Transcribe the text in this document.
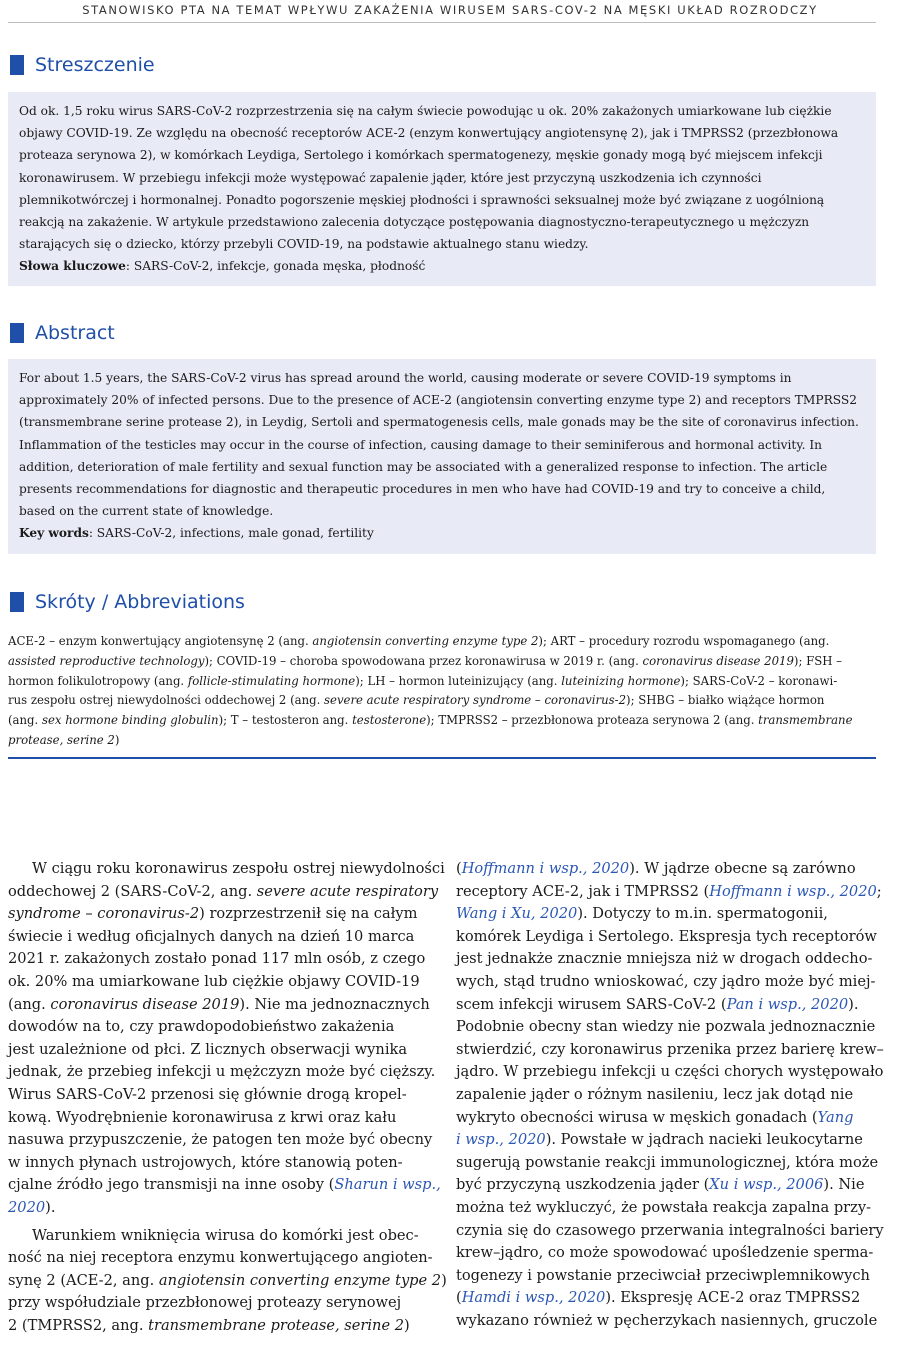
STANOWISKO PTA NA TEMAT WPŁYWU ZAKAŻENIA WIRUSEM SARS-COV-2 NA MĘSKI UKŁAD ROZRODCZY
Streszczenie

Od ok. 1,5 roku wirus SARS-CoV-2 rozprzestrzenia się na całym świecie powodując u ok. 20% zakażonych umiarkowane lub ciężkie objawy COVID-19. Ze względu na obecność receptorów ACE-2 (enzym konwertujący angiotensynę 2), jak i TMPRSS2 (przezbłonowa proteaza serynowa 2), w komórkach Leydiga, Sertolego i komórkach spermatogenezy, męskie gonady mogą być miejscem infekcji koronawirusem. W przebiegu infekcji może występować zapalenie jąder, które jest przyczyną uszkodzenia ich czynności plemnikotwórczej i hormonalnej. Ponadto pogorszenie męskiej płodności i sprawności seksualnej może być związane z uogólnioną reakcją na zakażenie. W artykule przedstawiono zalecenia dotyczące postępowania diagnostyczno-terapeutycznego u mężczyzn starających się o dziecko, którzy przebyli COVID-19, na podstawie aktualnego stanu wiedzy.

Słowa kluczowe: SARS-CoV-2, infekcje, gonada męska, płodność

Abstract

For about 1.5 years, the SARS-CoV-2 virus has spread around the world, causing moderate or severe COVID-19 symptoms in approximately 20% of infected persons. Due to the presence of ACE-2 (angiotensin converting enzyme type 2) and receptors TMPRSS2 (transmembrane serine protease 2), in Leydig, Sertoli and spermatogenesis cells, male gonads may be the site of coronavirus infection. Inflammation of the testicles may occur in the course of infection, causing damage to their seminiferous and hormonal activity. In addition, deterioration of male fertility and sexual function may be associated with a generalized response to infection. The article presents recommendations for diagnostic and therapeutic procedures in men who have had COVID-19 and try to conceive a child, based on the current state of knowledge.

Key words: SARS-CoV-2, infections, male gonad, fertility

Skróty / Abbreviations
ACE-2 – enzym konwertujący angiotensynę 2 (ang. angiotensin converting enzyme type 2); ART – procedury rozrodu wspomaganego (ang.
assisted reproductive technology); COVID-19 – choroba spowodowana przez koronawirusa w 2019 r. (ang. coronavirus disease 2019); FSH –
hormon folikulotropowy (ang. follicle-stimulating hormone); LH – hormon luteinizujący (ang. luteinizing hormone); SARS-CoV-2 – koronawi-
rus zespołu ostrej niewydolności oddechowej 2 (ang. severe acute respiratory syndrome – coronavirus-2); SHBG – białko wiążące hormon
(ang. sex hormone binding globulin); T – testosteron ang. testosterone); TMPRSS2 – przezbłonowa proteaza serynowa 2 (ang. transmembrane
protease, serine 2)
W ciągu roku koronawirus zespołu ostrej niewydolności
oddechowej 2 (SARS-CoV-2, ang. severe acute respiratory
syndrome – coronavirus-2) rozprzestrzenił się na całym
świecie i według oficjalnych danych na dzień 10 marca
2021 r. zakażonych zostało ponad 117 mln osób, z czego
ok. 20% ma umiarkowane lub ciężkie objawy COVID-19
(ang. coronavirus disease 2019). Nie ma jednoznacznych
dowodów na to, czy prawdopodobieństwo zakażenia
jest uzależnione od płci. Z licznych obserwacji wynika
jednak, że przebieg infekcji u mężczyzn może być cięższy.
Wirus SARS-CoV-2 przenosi się głównie drogą kropel-
kową. Wyodrębnienie koronawirusa z krwi oraz kału
nasuwa przypuszczenie, że patogen ten może być obecny
w innych płynach ustrojowych, które stanowią poten-
cjalne źródło jego transmisji na inne osoby (Sharun i wsp.,
2020).
Warunkiem wniknięcia wirusa do komórki jest obec-
ność na niej receptora enzymu konwertującego angioten-
synę 2 (ACE-2, ang. angiotensin converting enzyme type 2)
przy współudziale przezbłonowej proteazy serynowej
2 (TMPRSS2, ang. transmembrane protease, serine 2)
(Hoffmann i wsp., 2020). W jądrze obecne są zarówno
receptory ACE-2, jak i TMPRSS2 (Hoffmann i wsp., 2020;
Wang i Xu, 2020). Dotyczy to m.in. spermatogonii,
komórek Leydiga i Sertolego. Ekspresja tych receptorów
jest jednakże znacznie mniejsza niż w drogach oddecho-
wych, stąd trudno wnioskować, czy jądro może być miej-
scem infekcji wirusem SARS-CoV-2 (Pan i wsp., 2020).
Podobnie obecny stan wiedzy nie pozwala jednoznacznie
stwierdzić, czy koronawirus przenika przez barierę krew–
jądro. W przebiegu infekcji u części chorych występowało
zapalenie jąder o różnym nasileniu, lecz jak dotąd nie
wykryto obecności wirusa w męskich gonadach (Yang
i wsp., 2020). Powstałe w jądrach nacieki leukocytarne
sugerują powstanie reakcji immunologicznej, która może
być przyczyną uszkodzenia jąder (Xu i wsp., 2006). Nie
można też wykluczyć, że powstała reakcja zapalna przy-
czynia się do czasowego przerwania integralności bariery
krew–jądro, co może spowodować upośledzenie sperma-
togenezy i powstanie przeciwciał przeciwplemnikowych
(Hamdi i wsp., 2020). Ekspresję ACE-2 oraz TMPRSS2
wykazano również w pęcherzykach nasiennych, gruczole
